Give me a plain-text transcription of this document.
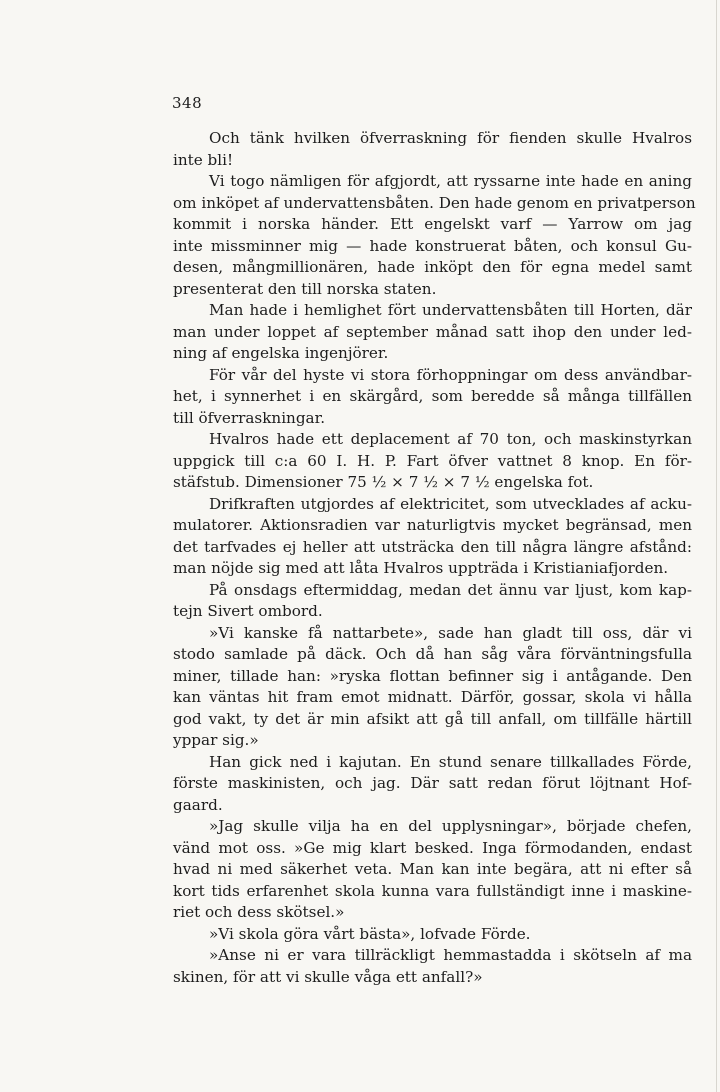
348
Och tänk hvilken öfverraskning för fienden skulle Hvalros
inte bli!
Vi togo nämligen för afgjordt, att ryssarne inte hade en aning
om inköpet af undervattensbåten. Den hade genom en privatperson
kommit i norska händer. Ett engelskt varf — Yarrow om jag
inte missminner mig — hade konstruerat båten, och konsul Gu-
desen, mångmillionären, hade inköpt den för egna medel samt
presenterat den till norska staten.
Man hade i hemlighet fört undervattensbåten till Horten, där
man under loppet af september månad satt ihop den under led-
ning af engelska ingenjörer.
För vår del hyste vi stora förhoppningar om dess användbar-
het, i synnerhet i en skärgård, som beredde så många tillfällen
till öfverraskningar.
Hvalros hade ett deplacement af 70 ton, och maskinstyrkan
uppgick till c:a 60 I. H. P. Fart öfver vattnet 8 knop. En för-
stäfstub. Dimensioner 75 ½ × 7 ½ × 7 ½ engelska fot.
Drifkraften utgjordes af elektricitet, som utvecklades af acku-
mulatorer. Aktionsradien var naturligtvis mycket begränsad, men
det tarfvades ej heller att utsträcka den till några längre afstånd:
man nöjde sig med att låta Hvalros uppträda i Kristianiafjorden.
På onsdags eftermiddag, medan det ännu var ljust, kom kap-
tejn Sivert ombord.
»Vi kanske få nattarbete», sade han gladt till oss, där vi
stodo samlade på däck. Och då han såg våra förväntningsfulla
miner, tillade han: »ryska flottan befinner sig i antågande. Den
kan väntas hit fram emot midnatt. Därför, gossar, skola vi hålla
god vakt, ty det är min afsikt att gå till anfall, om tillfälle härtill
yppar sig.»
Han gick ned i kajutan. En stund senare tillkallades Förde,
förste maskinisten, och jag. Där satt redan förut löjtnant Hof-
gaard.
»Jag skulle vilja ha en del upplysningar», började chefen,
vänd mot oss. »Ge mig klart besked. Inga förmodanden, endast
hvad ni med säkerhet veta. Man kan inte begära, att ni efter så
kort tids erfarenhet skola kunna vara fullständigt inne i maskine-
riet och dess skötsel.»
»Vi skola göra vårt bästa», lofvade Förde.
»Anse ni er vara tillräckligt hemmastadda i skötseln af ma
skinen, för att vi skulle våga ett anfall?»
